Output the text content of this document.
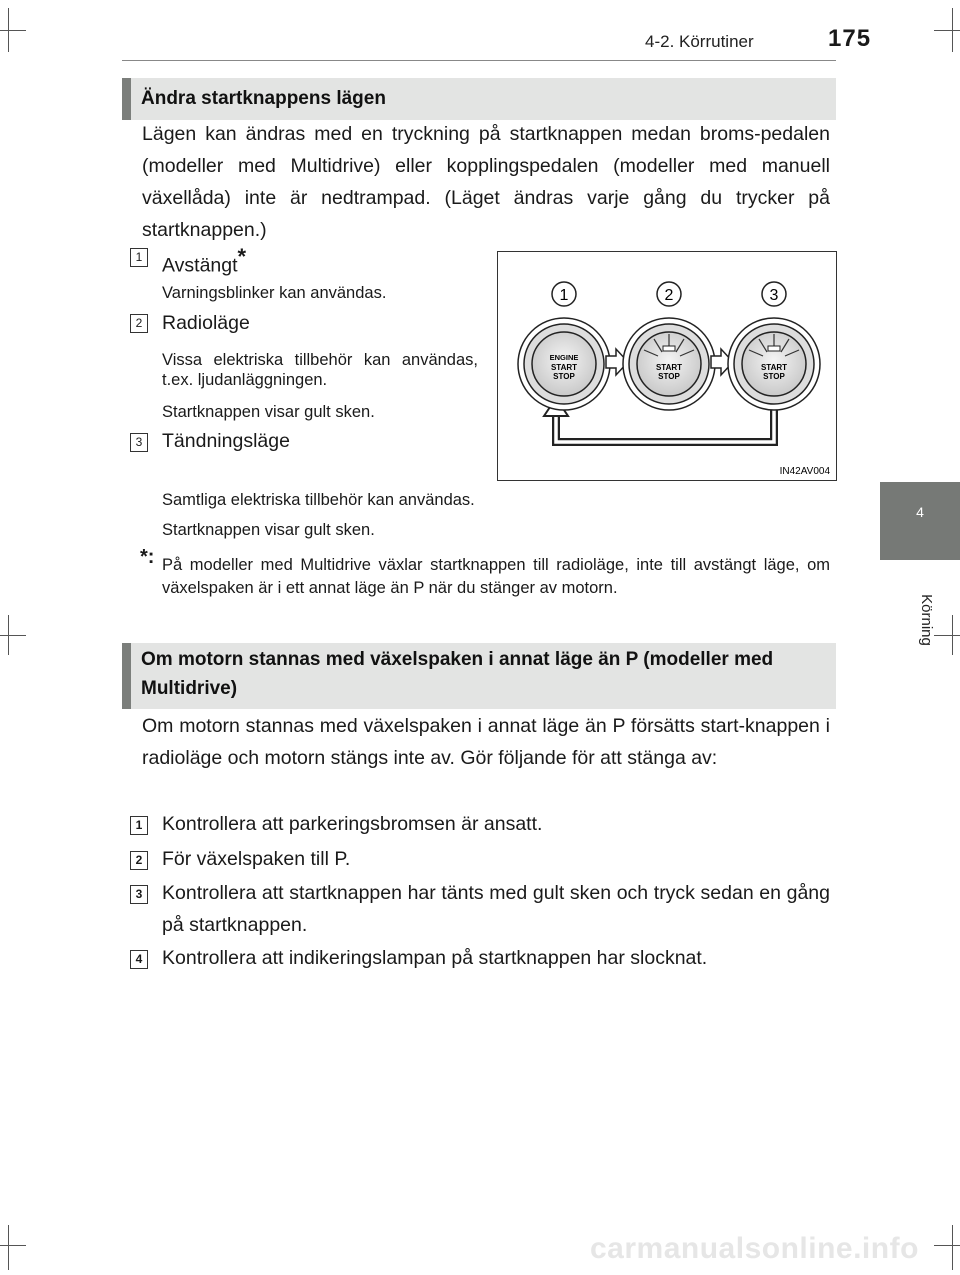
4-2. Körrutiner	175
4
Körning
Ändra startknappens lägen
Lägen kan ändras med en tryckning på startknappen medan broms-pedalen (modeller med Multidrive) eller kopplingspedalen (modeller med manuell växellåda) inte är nedtrampad. (Läget ändras varje gång du trycker på startknappen.)
1 Avstängt*
Varningsblinker kan användas.
2 Radioläge
Vissa elektriska tillbehör kan användas, t.ex. ljudanläggningen.
Startknappen visar gult sken.
3 Tändningsläge
Samtliga elektriska tillbehör kan användas.
Startknappen visar gult sken.
*: På modeller med Multidrive växlar startknappen till radioläge, inte till avstängt läge, om växelspaken är i ett annat läge än P när du stänger av motorn.
1	2	3
ENGINE
START
STOP
START
STOP
START
STOP
IN42AV004
Om motorn stannas med växelspaken i annat läge än P (modeller med Multidrive)
Om motorn stannas med växelspaken i annat läge än P försätts start-knappen i radioläge och motorn stängs inte av. Gör följande för att stänga av:
1 Kontrollera att parkeringsbromsen är ansatt.
2 För växelspaken till P.
3 Kontrollera att startknappen har tänts med gult sken och tryck sedan en gång på startknappen.
4 Kontrollera att indikeringslampan på startknappen har slocknat.
carmanualsonline.info
